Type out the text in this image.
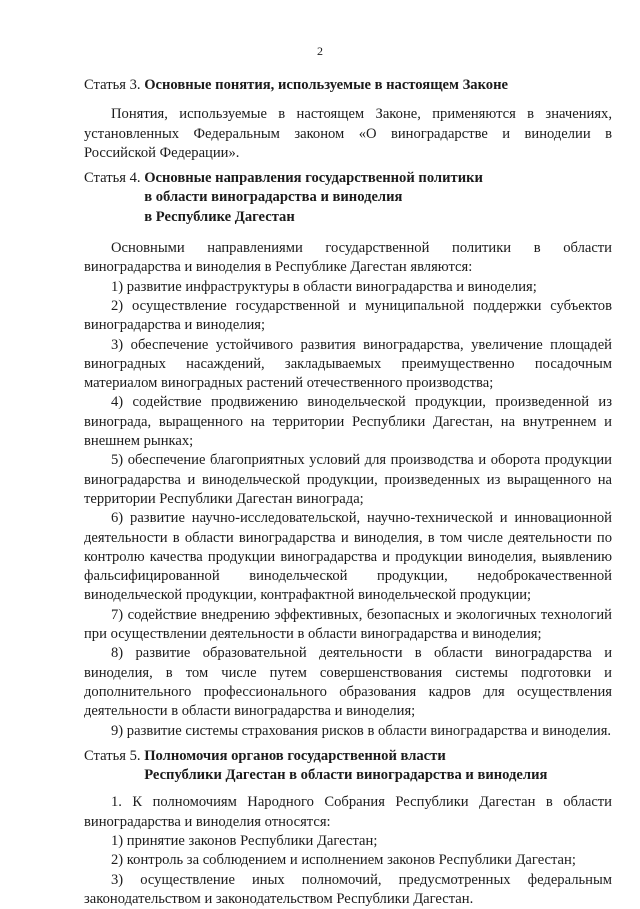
2
Статья 3. Основные понятия, используемые в настоящем Законе

Понятия, используемые в настоящем Законе, применяются в значениях, установленных Федеральным законом «О виноградарстве и виноделии в Российской Федерации».

Статья 4. Основные направления государственной политики
в области виноградарства и виноделия
в Республике Дагестан

Основными направлениями государственной политики в области виноградарства и виноделия в Республике Дагестан являются:

1) развитие инфраструктуры в области виноградарства и виноделия;

2) осуществление государственной и муниципальной поддержки субъектов виноградарства и виноделия;

3) обеспечение устойчивого развития виноградарства, увеличение площадей виноградных насаждений, закладываемых преимущественно посадочным материалом виноградных растений отечественного производства;

4) содействие продвижению винодельческой продукции, произведенной из винограда, выращенного на территории Республики Дагестан, на внутреннем и внешнем рынках;

5) обеспечение благоприятных условий для производства и оборота продукции виноградарства и винодельческой продукции, произведенных из выращенного на территории Республики Дагестан винограда;

6) развитие научно-исследовательской, научно-технической и инновационной деятельности в области виноградарства и виноделия, в том числе деятельности по контролю качества продукции виноградарства и продукции виноделия, выявлению фальсифицированной винодельческой продукции, недоброкачественной винодельческой продукции, контрафактной винодельческой продукции;

7) содействие внедрению эффективных, безопасных и экологичных технологий при осуществлении деятельности в области виноградарства и виноделия;

8) развитие образовательной деятельности в области виноградарства и виноделия, в том числе путем совершенствования системы подготовки и дополнительного профессионального образования кадров для осуществления деятельности в области виноградарства и виноделия;

9) развитие системы страхования рисков в области виноградарства и виноделия.

Статья 5. Полномочия органов государственной власти
Республики Дагестан в области виноградарства и виноделия

1. К полномочиям Народного Собрания Республики Дагестан в области виноградарства и виноделия относятся:

1) принятие законов Республики Дагестан;

2) контроль за соблюдением и исполнением законов Республики Дагестан;

3) осуществление иных полномочий, предусмотренных федеральным законодательством и законодательством Республики Дагестан.
